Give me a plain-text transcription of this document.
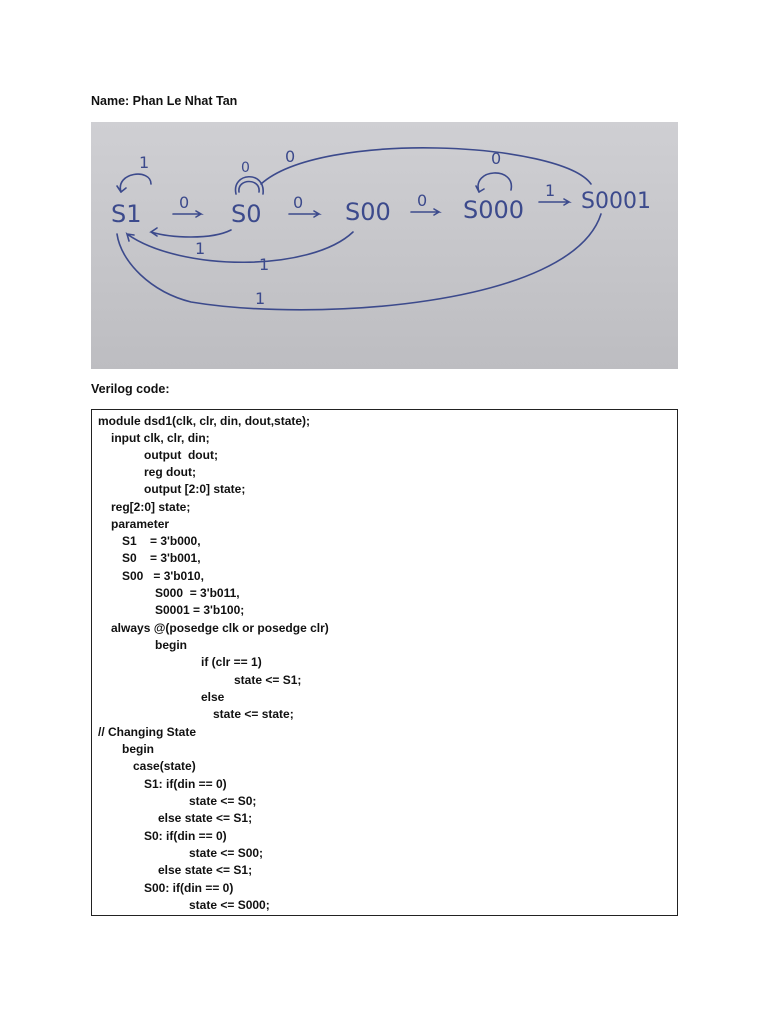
Name: Phan Le Nhat Tan
S1	S0	S00	S000	S0001
1
0
0
0
1
0
1
0
1
0
1
Verilog code:
module dsd1(clk, clr, din, dout,state);
input clk, clr, din;
output  dout;
reg dout;
output [2:0] state;
reg[2:0] state;
parameter
S1    = 3'b000,
S0    = 3'b001,
S00   = 3'b010,
S000  = 3'b011,
S0001 = 3'b100;
always @(posedge clk or posedge clr)
begin
if (clr == 1)
state <= S1;
else
state <= state;
// Changing State
begin
case(state)
S1: if(din == 0)
state <= S0;
else state <= S1;
S0: if(din == 0)
state <= S00;
else state <= S1;
S00: if(din == 0)
state <= S000;
